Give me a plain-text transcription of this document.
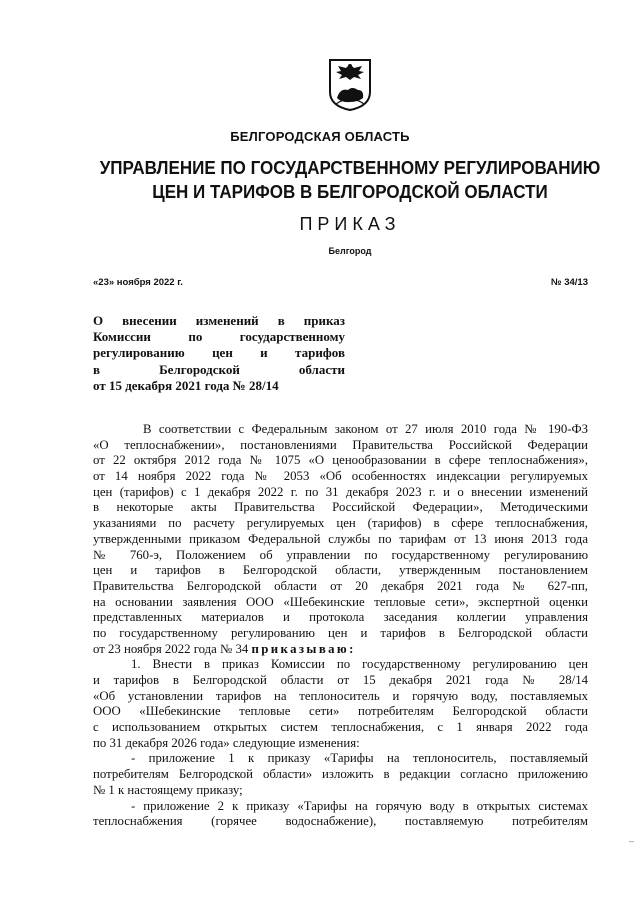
БЕЛГОРОДСКАЯ ОБЛАСТЬ
УПРАВЛЕНИЕ ПО ГОСУДАРСТВЕННОМУ РЕГУЛИРОВАНИЮ
ЦЕН И ТАРИФОВ В БЕЛГОРОДСКОЙ ОБЛАСТИ
ПРИКАЗ
Белгород
«23» ноября 2022 г.	№ 34/13
О внесении изменений в приказ
Комиссии по государственному
регулированию цен и тарифов
в Белгородской области
от 15 декабря 2021 года № 28/14
В соответствии с Федеральным законом от 27 июля 2010 года № 190-ФЗ
«О теплоснабжении», постановлениями Правительства Российской Федерации
от 22 октября 2012 года № 1075 «О ценообразовании в сфере теплоснабжения»,
от 14 ноября 2022 года № 2053 «Об особенностях индексации регулируемых
цен (тарифов) с 1 декабря 2022 г. по 31 декабря 2023 г. и о внесении изменений
в некоторые акты Правительства Российской Федерации», Методическими
указаниями по расчету регулируемых цен (тарифов) в сфере теплоснабжения,
утвержденными приказом Федеральной службы по тарифам от 13 июня 2013 года
№ 760-э, Положением об управлении по государственному регулированию
цен и тарифов в Белгородской области, утвержденным постановлением
Правительства Белгородской области от 20 декабря 2021 года № 627-пп,
на основании заявления ООО «Шебекинские тепловые сети», экспертной оценки
представленных материалов и протокола заседания коллегии управления
по государственному регулированию цен и тарифов в Белгородской области
от 23 ноября 2022 года № 34 приказываю:
1. Внести в приказ Комиссии по государственному регулированию цен
и тарифов в Белгородской области от 15 декабря 2021 года № 28/14
«Об установлении тарифов на теплоноситель и горячую воду, поставляемых
ООО «Шебекинские тепловые сети» потребителям Белгородской области
с использованием открытых систем теплоснабжения, с 1 января 2022 года
по 31 декабря 2026 года» следующие изменения:
- приложение 1 к приказу «Тарифы на теплоноситель, поставляемый
потребителям Белгородской области» изложить в редакции согласно приложению
№ 1 к настоящему приказу;
- приложение 2 к приказу «Тарифы на горячую воду в открытых системах
теплоснабжения (горячее водоснабжение), поставляемую потребителям
_
